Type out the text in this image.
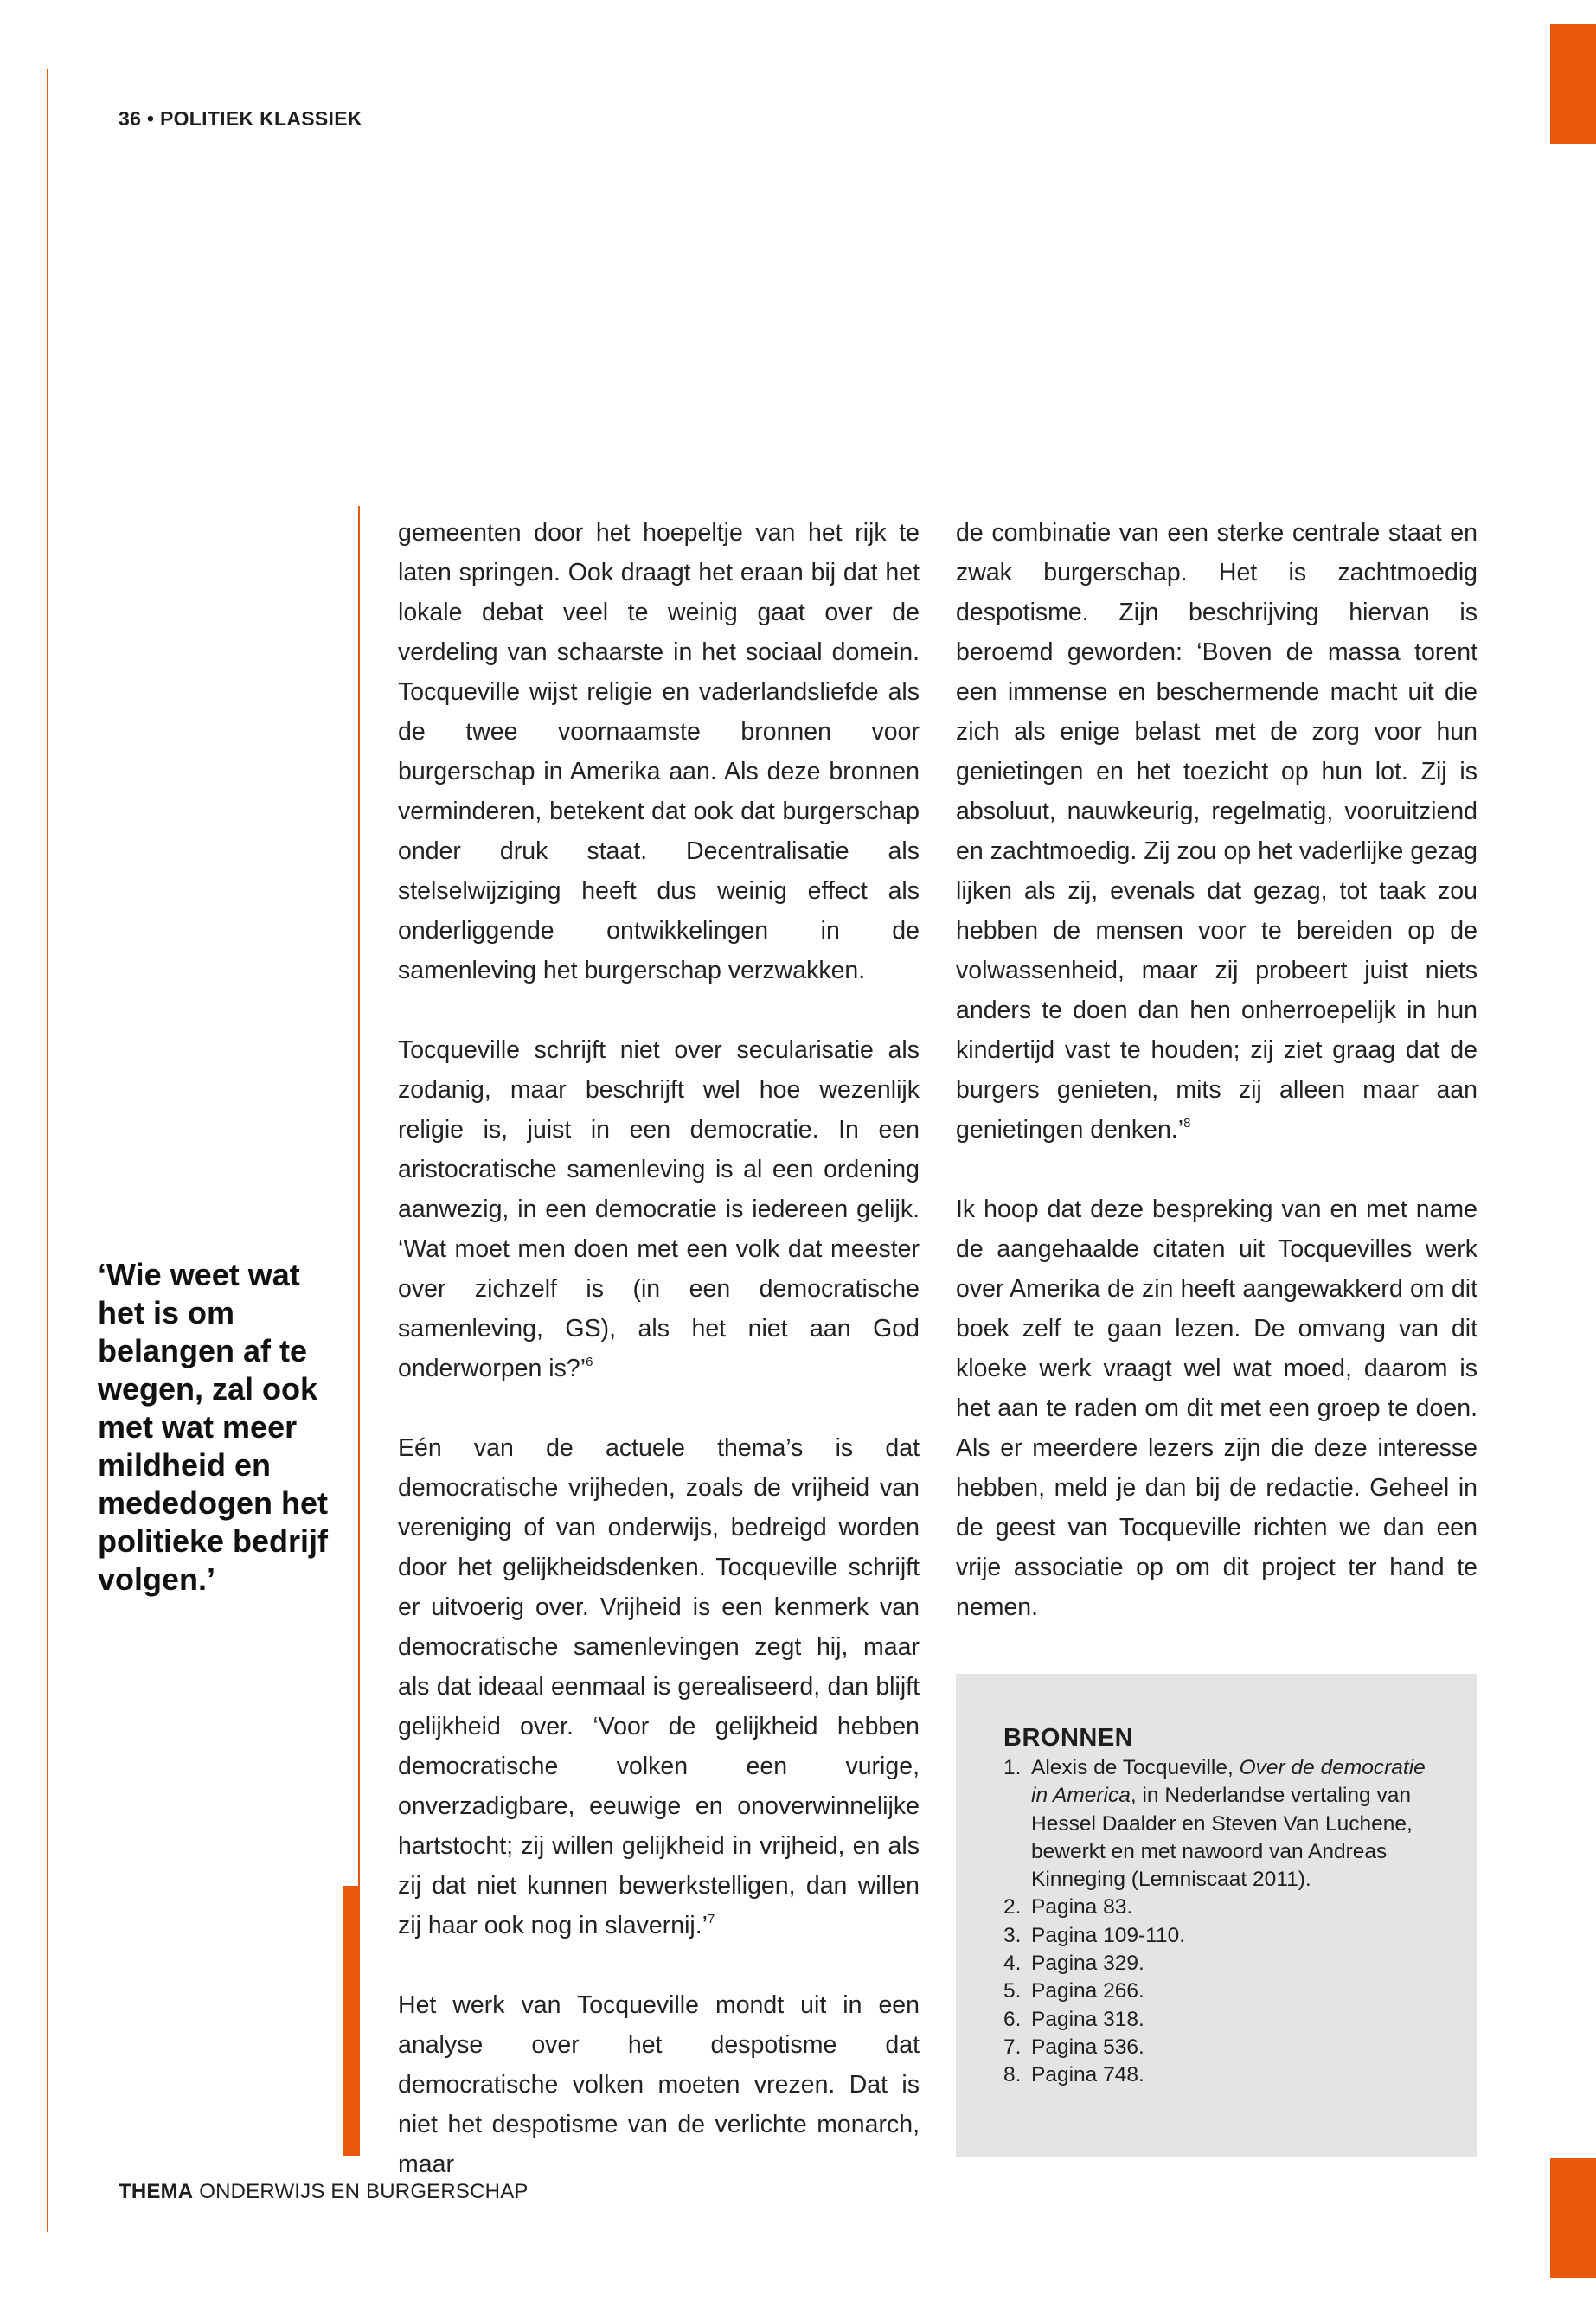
36 • POLITIEK KLASSIEK
‘Wie weet wat het is om belangen af te wegen, zal ook met wat meer mildheid en mededogen het politieke bedrijf volgen.’

gemeenten door het hoepeltje van het rijk te laten springen. Ook draagt het eraan bij dat het lokale debat veel te weinig gaat over de verdeling van schaarste in het sociaal domein. Tocqueville wijst religie en vaderlandsliefde als de twee voornaamste bronnen voor burgerschap in Amerika aan. Als deze bronnen verminderen, betekent dat ook dat burgerschap onder druk staat. Decentralisatie als stelselwijziging heeft dus weinig effect als onderliggende ontwikkelingen in de samenleving het burgerschap verzwakken.

Tocqueville schrijft niet over secularisatie als zodanig, maar beschrijft wel hoe wezenlijk religie is, juist in een democratie. In een aristocratische samenleving is al een ordening aanwezig, in een democratie is iedereen gelijk. ‘Wat moet men doen met een volk dat meester over zichzelf is (in een democratische samenleving, GS), als het niet aan God onderworpen is?’$^6$

Eén van de actuele thema’s is dat democratische vrijheden, zoals de vrijheid van vereniging of van onderwijs, bedreigd worden door het gelijkheidsdenken. Tocqueville schrijft er uitvoerig over. Vrijheid is een kenmerk van democratische samenlevingen zegt hij, maar als dat ideaal eenmaal is gerealiseerd, dan blijft gelijkheid over. ‘Voor de gelijkheid hebben democratische volken een vurige, onverzadigbare, eeuwige en onoverwinnelijke hartstocht; zij willen gelijkheid in vrijheid, en als zij dat niet kunnen bewerkstelligen, dan willen zij haar ook nog in slavernij.’$^7$

Het werk van Tocqueville mondt uit in een analyse over het despotisme dat democratische volken moeten vrezen. Dat is niet het despotisme van de verlichte monarch, maar

de combinatie van een sterke centrale staat en zwak burgerschap. Het is zachtmoedig despotisme. Zijn beschrijving hiervan is beroemd geworden: ‘Boven de massa torent een immense en beschermende macht uit die zich als enige belast met de zorg voor hun genietingen en het toezicht op hun lot. Zij is absoluut, nauwkeurig, regelmatig, vooruitziend en zachtmoedig. Zij zou op het vaderlijke gezag lijken als zij, evenals dat gezag, tot taak zou hebben de mensen voor te bereiden op de volwassenheid, maar zij probeert juist niets anders te doen dan hen onherroepelijk in hun kindertijd vast te houden; zij ziet graag dat de burgers genieten, mits zij alleen maar aan genietingen denken.’$^8$

Ik hoop dat deze bespreking van en met name de aangehaalde citaten uit Tocquevilles werk over Amerika de zin heeft aangewakkerd om dit boek zelf te gaan lezen. De omvang van dit kloeke werk vraagt wel wat moed, daarom is het aan te raden om dit met een groep te doen. Als er meerdere lezers zijn die deze interesse hebben, meld je dan bij de redactie. Geheel in de geest van Tocqueville richten we dan een vrije associatie op om dit project ter hand te nemen.

BRONNEN
1. Alexis de Tocqueville, Over de democratie in America, in Nederlandse vertaling van Hessel Daalder en Steven Van Luchene, bewerkt en met nawoord van Andreas Kinneging (Lemniscaat 2011).
2. Pagina 83.
3. Pagina 109-110.
4. Pagina 329.
5. Pagina 266.
6. Pagina 318.
7. Pagina 536.
8. Pagina 748.
THEMA ONDERWIJS EN BURGERSCHAP
